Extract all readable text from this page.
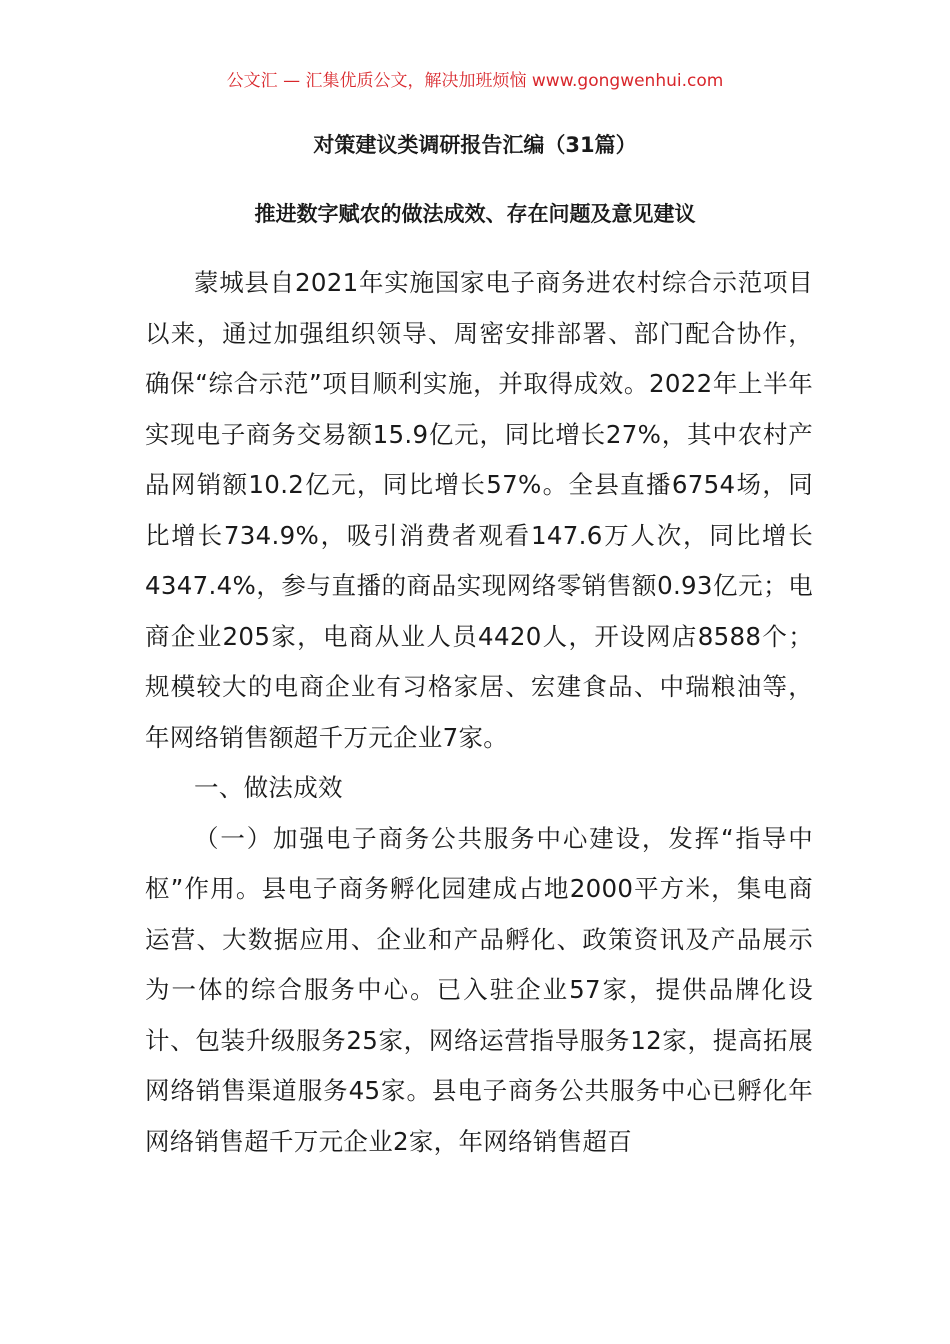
公文汇 — 汇集优质公文，解决加班烦恼 www.gongwenhui.com
对策建议类调研报告汇编（31篇）
推进数字赋农的做法成效、存在问题及意见建议

蒙城县自2021年实施国家电子商务进农村综合示范项目以来，通过加强组织领导、周密安排部署、部门配合协作，确保“综合示范”项目顺利实施，并取得成效。2022年上半年实现电子商务交易额15.9亿元，同比增长27%，其中农村产品网销额10.2亿元，同比增长57%。全县直播6754场，同比增长734.9%，吸引消费者观看147.6万人次，同比增长4347.4%，参与直播的商品实现网络零销售额0.93亿元；电商企业205家，电商从业人员4420人，开设网店8588个；规模较大的电商企业有习格家居、宏建食品、中瑞粮油等，年网络销售额超千万元企业7家。

一、做法成效

（一）加强电子商务公共服务中心建设，发挥“指导中枢”作用。县电子商务孵化园建成占地2000平方米，集电商运营、大数据应用、企业和产品孵化、政策资讯及产品展示为一体的综合服务中心。已入驻企业57家，提供品牌化设计、包装升级服务25家，网络运营指导服务12家，提高拓展网络销售渠道服务45家。县电子商务公共服务中心已孵化年网络销售超千万元企业2家，年网络销售超百
